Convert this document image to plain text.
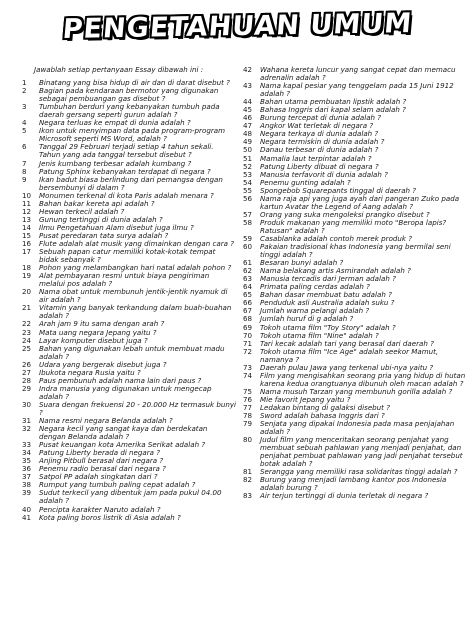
PENGETAHUAN UMUM
Jawablah setiap pertanyaan Essay dibawah ini :
1	Binatang yang bisa hidup di air dan di darat disebut ?
2	Bagian pada kendaraan bermotor yang digunakan sebagai pembuangan gas disebut ?
3	Tumbuhan berduri yang kebanyakan tumbuh pada daerah gersang seperti gurun adalah ?
4	Negara terluas ke empat di dunia adalah ?
5	Ikon untuk menyimpan data pada program-program Microsoft seperti MS Word, adalah ?
6	Tanggal 29 Februari terjadi setiap 4 tahun sekali. Tahun yang ada tanggal tersebut disebut ?
7	Jenis kumbang terbesar adalah kumbang ?
8	Patung Sphinx kebanyakan terdapat di negara ?
9	Ikan badut biasa berlindung dari pemangsa dengan bersembunyi di dalam ?
10	Monumen terkenal di kota Paris adalah menara ?
11	Bahan bakar kereta api adalah ?
12	Hewan terkecil adalah ?
13	Gunung tertinggi di dunia adalah ?
14	Ilmu Pengetahuan Alam disebut juga ilmu ?
15	Pusat peredaran tata surya adalah ?
16	Flute adalah alat musik yang dimainkan dengan cara ?
17	Sebuah papan catur memiliki kotak-kotak tempat bidak sebanyak ?
18	Pohon yang melambangkan hari natal adalah pohon ?
19	Alat pembayaran resmi untuk biaya pengiriman melalui pos adalah ?
20	Nama obat untuk membunuh jentik-jentik nyamuk di air adalah ?
21	Vitamin yang banyak terkandung dalam buah-buahan adalah ?
22	Arah jam 9 itu sama dengan arah ?
23	Mata uang negara Jepang yaitu ?
24	Layar komputer disebut juga ?
25	Bahan yang digunakan lebah untuk membuat madu adalah ?
26	Udara yang bergerak disebut juga ?
27	Ibukota negara Rusia yaitu ?
28	Paus pembunuh adalah nama lain dari paus ?
29	Indra manusia yang digunakan untuk mengecap adalah ?
30	Suara dengan frekuensi 20 - 20.000 Hz termasuk bunyi ?
31	Nama resmi negara Belanda adalah ?
32	Negara kecil yang sangat kaya dan berdekatan dengan Belanda adalah ?
33	Pusat keuangan kota Amerika Serikat adalah ?
34	Patung Liberty berada di negara ?
35	Anjing Pitbull berasal dari negara ?
36	Penemu radio berasal dari negara ?
37	Satpol PP adalah singkatan dari ?
38	Rumput yang tumbuh paling cepat adalah ?
39	Sudut terkecil yang dibentuk jam pada pukul 04.00 adalah ?
40	Pencipta karakter Naruto adalah ?
41	Kota paling boros listrik di Asia adalah ?
42	Wahana kereta luncur yang sangat cepat dan memacu adrenalin adalah ?
43	Nama kapal pesiar yang tenggelam pada 15 Juni 1912 adalah ?
44	Bahan utama pembuatan lipstik adalah ?
45	Bahasa Inggris dari kapal selam adalah ?
46	Burung tercepat di dunia adalah ?
47	Angkor Wat terletak di negara ?
48	Negara terkaya di dunia adalah ?
49	Negara termiskin di dunia adalah ?
50	Danau terbesar di dunia adalah ?
51	Mamalia laut terpintar adalah ?
52	Patung Liberty dibuat di negara ?
53	Manusia terfavorit di dunia adalah ?
54	Penemu gunting adalah ?
55	Spongebob Squarepants tinggal di daerah ?
56	Nama raja api yang juga ayah dari pangeran Zuko pada kartun Avatar the Legend of Aang adalah ?
57	Orang yang suka mengoleksi prangko disebut ?
58	Produk makanan yang memiliki moto "Beropa lapis? Ratusan" adalah ?
59	Casablanka adalah contoh merek produk ?
60	Pakaian tradisional khas Indonesia yang bermilai seni tinggi adalah ?
61	Besaran bunyi adalah ?
62	Nama belakang artis Asmirandah adalah ?
63	Manusia tercadis dari Jerman adalah ?
64	Primata paling cerdas adalah ?
65	Bahan dasar membuat batu adalah ?
66	Penduduk asli Australia adalah suku ?
67	Jumlah warna pelangi adalah ?
68	Jumlah huruf di g adalah ?
69	Tokoh utama film "Toy Story" adalah ?
70	Tokoh utama film "Nine" adalah ?
71	Tari kecak adalah tari yang berasal dari daerah ?
72	Tokoh utama film "Ice Age" adalah seekor Mamut, namanya ?
73	Daerah pulau Jawa yang terkenal ubi-nya yaitu ?
74	Film yang mengisahkan seorang pria yang hidup di hutan karena kedua orangtuanya dibunuh oleh macan adalah ?
75	Nama musuh Tarzan yang membunuh gorilla adalah ?
76	Mie favorit Jepang yaitu ?
77	Ledakan bintang di galaksi disebut ?
78	Sword adalah bahasa Inggris dari ?
79	Senjata yang dipakai Indonesia pada masa penjajahan adalah ?
80	Judul film yang menceritakan seorang penjahat yang membuat sebuah pahlawan yang menjadi penjahat, dan penjahat pembuat pahlawan yang jadi penjahat tersebut botak adalah ?
81	Serangga yang memiliki rasa solidaritas tinggi adalah ?
82	Burung yang menjadi lambang kantor pos Indonesia adalah burung ?
83	Air terjun tertinggi di dunia terletak di negara ?
